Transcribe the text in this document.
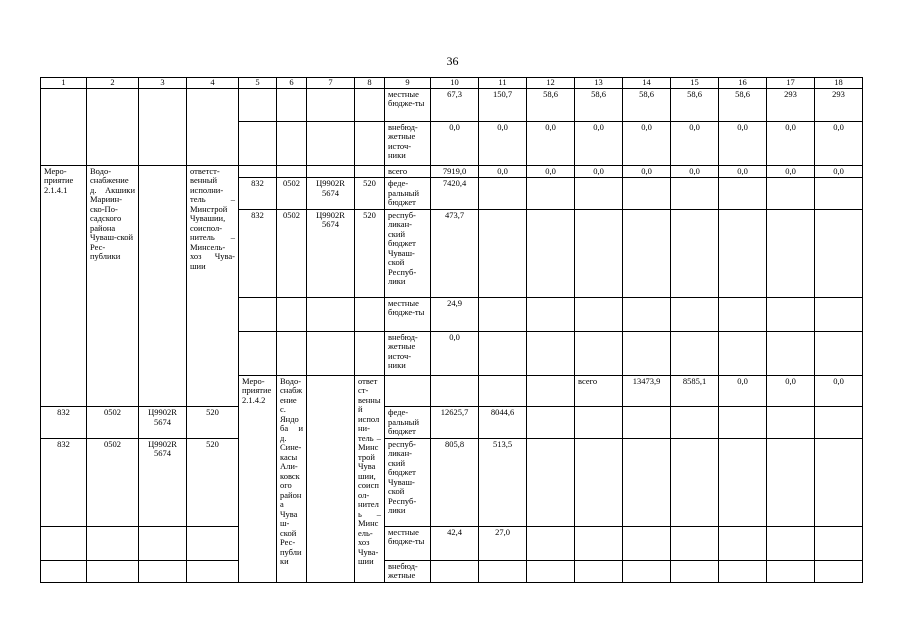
36
1	2	3	4	5	6	7	8	9	10	11	12	13	14	15	16	17	18	
								местные бюдже-ты	67,3	150,7	58,6	58,6	58,6	58,6	58,6	293	293	
								внебюд-жетные источ-ники	0,0	0,0	0,0	0,0	0,0	0,0	0,0	0,0	0,0	
Меро-приятие 2.1.4.1	Водо-снабжение д. Акшики Мариин-ско-По-садского района Чуваш-ской Рес-публики		ответст-венный исполни-тель – Минстрой Чувашии, соиспол-нитель – Минсель-хоз Чува-шии					всего	7919,0	0,0	0,0	0,0	0,0	0,0	0,0	0,0	0,0	
				832	0502	Ц9902R 5674	520	феде-ральный бюджет	7420,4									
				832	0502	Ц9902R 5674	520	респуб-ликан-ский бюджет Чуваш-ской Респуб-лики	473,7									
								местные бюдже-ты	24,9									
								внебюд-жетные источ-ники	0,0									
				Меро-приятие 2.1.4.2	Водо-снабжение с. Яндоба и д. Сине-касы Али-ковского района Чуваш-ской Рес-публики		ответст-венный исполни-тель – Минстрой Чувашии, соиспол-нитель – Минсель-хоз Чува-шии					всего	13473,9	8585,1	0,0	0,0	0,0				
832	0502	Ц9902R 5674	520					феде-ральный бюджет	12625,7	8044,6								
832	0502	Ц9902R 5674	520					респуб-ликан-ский бюджет Чуваш-ской Респуб-лики	805,8	513,5								
								местные бюдже-ты	42,4	27,0								
								внебюд-жетные										
